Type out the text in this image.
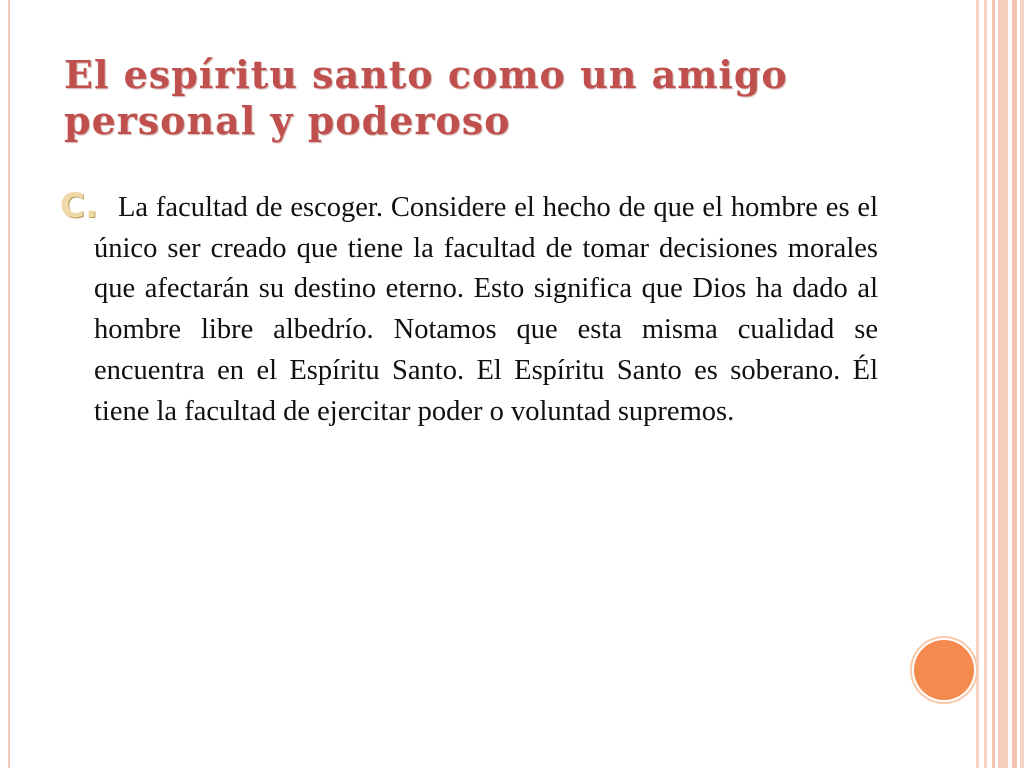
El espíritu santo como un amigo personal y poderoso
C. La facultad de escoger. Considere el hecho de que el hombre es el único ser creado que tiene la facultad de tomar decisiones morales que afectarán su destino eterno. Esto significa que Dios ha dado al hombre libre albedrío. Notamos que esta misma cualidad se encuentra en el Espíritu Santo. El Espíritu Santo es soberano. Él tiene la facultad de ejercitar poder o voluntad supremos.
